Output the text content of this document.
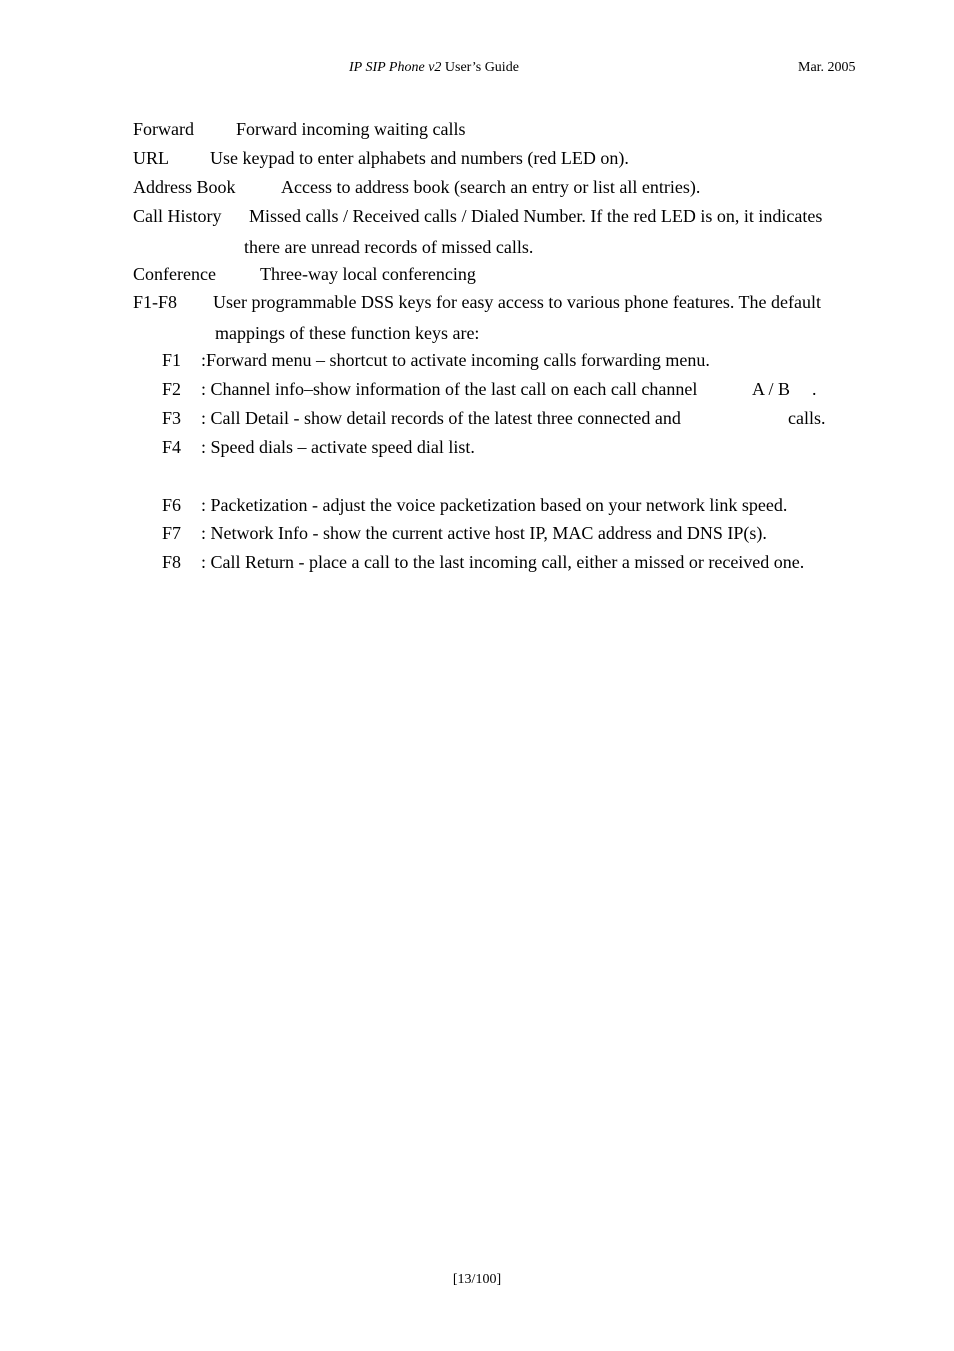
IP SIP Phone v2 User’s Guide	Mar. 2005
Forward Forward incoming waiting calls
URL Use keypad to enter alphabets and numbers (red LED on).
Address Book	Access to address book (search an entry or list all entries).
Call History Missed calls / Received calls / Dialed Number. If the red LED is on, it indicates
there are unread records of missed calls.
Conference Three-way local conferencing
F1-F8 User programmable DSS keys for easy access to various phone features. The default
mappings of these function keys are:
F1 :Forward menu – shortcut to activate incoming calls forwarding menu.
F2 : Channel info–show information of the last call on each call channel	A / B .
F3 : Call Detail - show detail records of the latest three connected and	calls.
F4 : Speed dials – activate speed dial list.
F6 : Packetization - adjust the voice packetization based on your network link speed.
F7 : Network Info - show the current active host IP, MAC address and DNS IP(s).
F8 : Call Return - place a call to the last incoming call, either a missed or received one.
[13/100]
